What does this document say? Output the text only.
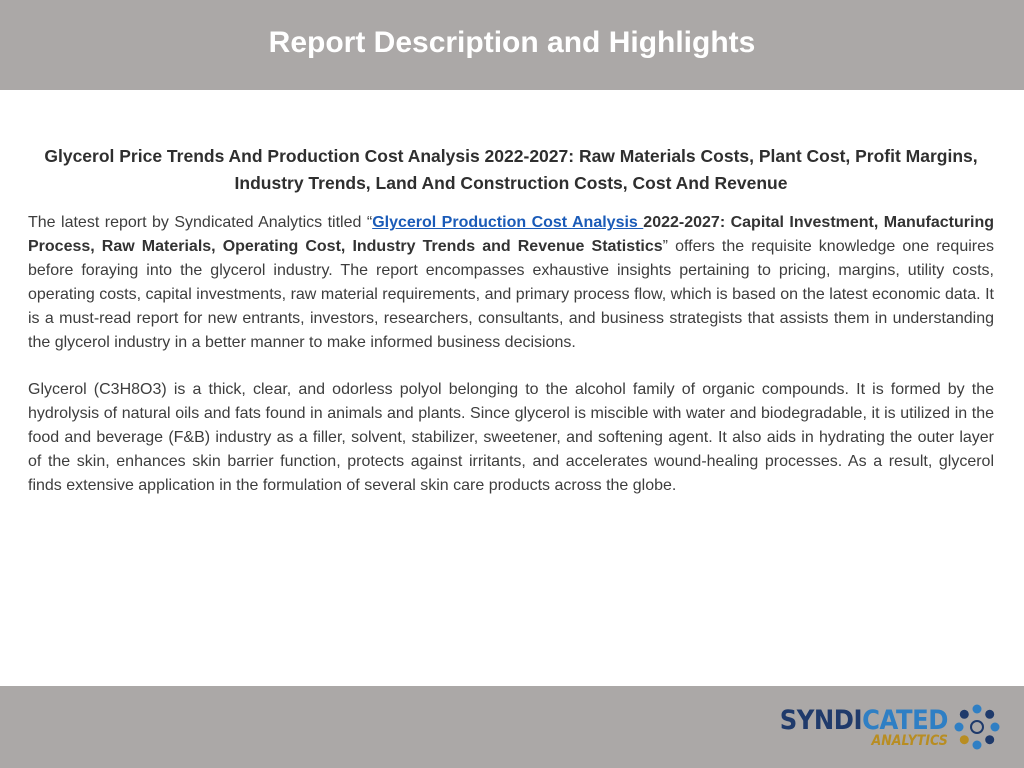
Report Description and Highlights
Glycerol Price Trends And Production Cost Analysis 2022-2027: Raw Materials Costs, Plant Cost, Profit Margins, Industry Trends, Land And Construction Costs, Cost And Revenue

The latest report by Syndicated Analytics titled “Glycerol Production Cost Analysis 2022-2027: Capital Investment, Manufacturing Process, Raw Materials, Operating Cost, Industry Trends and Revenue Statistics” offers the requisite knowledge one requires before foraying into the glycerol industry. The report encompasses exhaustive insights pertaining to pricing, margins, utility costs, operating costs, capital investments, raw material requirements, and primary process flow, which is based on the latest economic data. It is a must-read report for new entrants, investors, researchers, consultants, and business strategists that assists them in understanding the glycerol industry in a better manner to make informed business decisions.

Glycerol (C3H8O3) is a thick, clear, and odorless polyol belonging to the alcohol family of organic compounds. It is formed by the hydrolysis of natural oils and fats found in animals and plants. Since glycerol is miscible with water and biodegradable, it is utilized in the food and beverage (F&B) industry as a filler, solvent, stabilizer, sweetener, and softening agent. It also aids in hydrating the outer layer of the skin, enhances skin barrier function, protects against irritants, and accelerates wound-healing processes. As a result, glycerol finds extensive application in the formulation of several skin care products across the globe.

SYNDICATED
ANALYTICS
